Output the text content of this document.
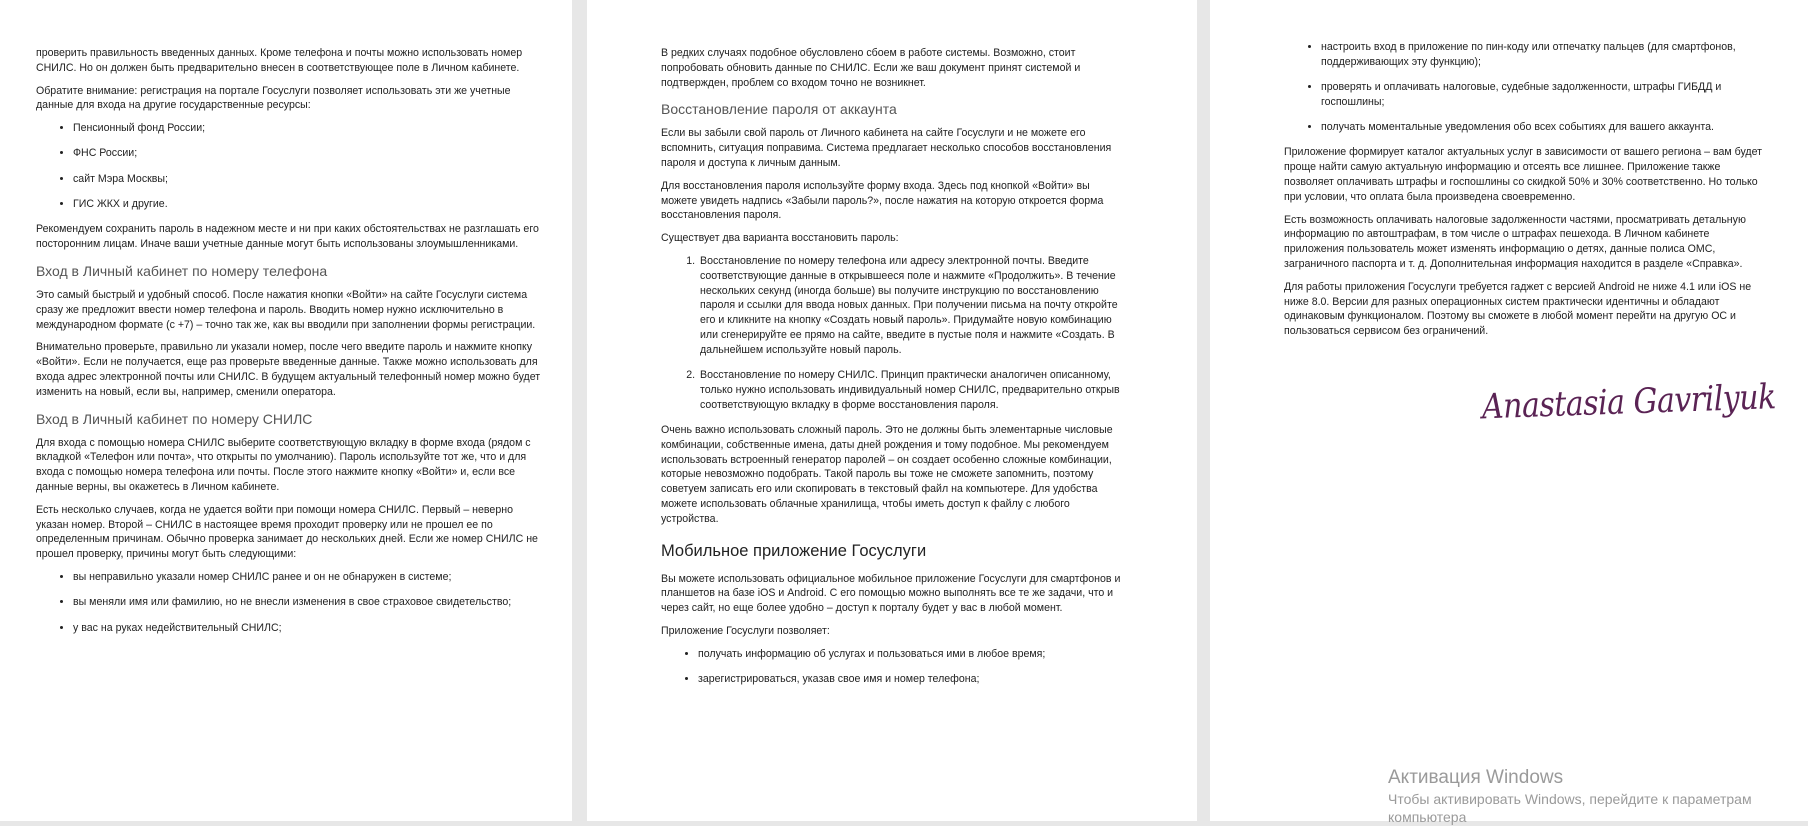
проверить правильность введенных данных. Кроме телефона и почты можно использовать номер СНИЛС. Но он должен быть предварительно внесен в соответствующее поле в Личном кабинете.

Обратите внимание: регистрация на портале Госуслуги позволяет использовать эти же учетные данные для входа на другие государственные ресурсы:

• Пенсионный фонд России;
• ФНС России;
• сайт Мэра Москвы;
• ГИС ЖКХ и другие.

Рекомендуем сохранить пароль в надежном месте и ни при каких обстоятельствах не разглашать его посторонним лицам. Иначе ваши учетные данные могут быть использованы злоумышленниками.

Вход в Личный кабинет по номеру телефона

Это самый быстрый и удобный способ. После нажатия кнопки «Войти» на сайте Госуслуги система сразу же предложит ввести номер телефона и пароль. Вводить номер нужно исключительно в международном формате (с +7) – точно так же, как вы вводили при заполнении формы регистрации.

Внимательно проверьте, правильно ли указали номер, после чего введите пароль и нажмите кнопку «Войти». Если не получается, еще раз проверьте введенные данные. Также можно использовать для входа адрес электронной почты или СНИЛС. В будущем актуальный телефонный номер можно будет изменить на новый, если вы, например, сменили оператора.

Вход в Личный кабинет по номеру СНИЛС

Для входа с помощью номера СНИЛС выберите соответствующую вкладку в форме входа (рядом с вкладкой «Телефон или почта», что открыты по умолчанию). Пароль используйте тот же, что и для входа с помощью номера телефона или почты. После этого нажмите кнопку «Войти» и, если все данные верны, вы окажетесь в Личном кабинете.

Есть несколько случаев, когда не удается войти при помощи номера СНИЛС. Первый – неверно указан номер. Второй – СНИЛС в настоящее время проходит проверку или не прошел ее по определенным причинам. Обычно проверка занимает до нескольких дней. Если же номер СНИЛС не прошел проверку, причины могут быть следующими:

• вы неправильно указали номер СНИЛС ранее и он не обнаружен в системе;
• вы меняли имя или фамилию, но не внесли изменения в свое страховое свидетельство;
• у вас на руках недействительный СНИЛС;

В редких случаях подобное обусловлено сбоем в работе системы. Возможно, стоит попробовать обновить данные по СНИЛС. Если же ваш документ принят системой и подтвержден, проблем со входом точно не возникнет.

Восстановление пароля от аккаунта

Если вы забыли свой пароль от Личного кабинета на сайте Госуслуги и не можете его вспомнить, ситуация поправима. Система предлагает несколько способов восстановления пароля и доступа к личным данным.

Для восстановления пароля используйте форму входа. Здесь под кнопкой «Войти» вы можете увидеть надпись «Забыли пароль?», после нажатия на которую откроется форма восстановления пароля.

Существует два варианта восстановить пароль:

1. Восстановление по номеру телефона или адресу электронной почты. Введите соответствующие данные в открывшееся поле и нажмите «Продолжить». В течение нескольких секунд (иногда больше) вы получите инструкцию по восстановлению пароля и ссылки для ввода новых данных. При получении письма на почту откройте его и кликните на кнопку «Создать новый пароль». Придумайте новую комбинацию или сгенерируйте ее прямо на сайте, введите в пустые поля и нажмите «Создать. В дальнейшем используйте новый пароль.
2. Восстановление по номеру СНИЛС. Принцип практически аналогичен описанному, только нужно использовать индивидуальный номер СНИЛС, предварительно открыв соответствующую вкладку в форме восстановления пароля.

Очень важно использовать сложный пароль. Это не должны быть элементарные числовые комбинации, собственные имена, даты дней рождения и тому подобное. Мы рекомендуем использовать встроенный генератор паролей – он создает особенно сложные комбинации, которые невозможно подобрать. Такой пароль вы тоже не сможете запомнить, поэтому советуем записать его или скопировать в текстовый файл на компьютере. Для удобства можете использовать облачные хранилища, чтобы иметь доступ к файлу с любого устройства.

Мобильное приложение Госуслуги

Вы можете использовать официальное мобильное приложение Госуслуги для смартфонов и планшетов на базе iOS и Android. С его помощью можно выполнять все те же задачи, что и через сайт, но еще более удобно – доступ к порталу будет у вас в любой момент.

Приложение Госуслуги позволяет:

• получать информацию об услугах и пользоваться ими в любое время;
• зарегистрироваться, указав свое имя и номер телефона;
• настроить вход в приложение по пин-коду или отпечатку пальцев (для смартфонов, поддерживающих эту функцию);
• проверять и оплачивать налоговые, судебные задолженности, штрафы ГИБДД и госпошлины;
• получать моментальные уведомления обо всех событиях для вашего аккаунта.

Приложение формирует каталог актуальных услуг в зависимости от вашего региона – вам будет проще найти самую актуальную информацию и отсеять все лишнее. Приложение также позволяет оплачивать штрафы и госпошлины со скидкой 50% и 30% соответственно. Но только при условии, что оплата была произведена своевременно.

Есть возможность оплачивать налоговые задолженности частями, просматривать детальную информацию по автоштрафам, в том числе о штрафах пешехода. В Личном кабинете приложения пользователь может изменять информацию о детях, данные полиса ОМС, заграничного паспорта и т. д. Дополнительная информация находится в разделе «Справка».

Для работы приложения Госуслуги требуется гаджет с версией Android не ниже 4.1 или iOS не ниже 8.0. Версии для разных операционных систем практически идентичны и обладают одинаковым функционалом. Поэтому вы сможете в любой момент перейти на другую ОС и пользоваться сервисом без ограничений.

Anastasia Gavrilyuk
Активация Windows
Чтобы активировать Windows, перейдите к параметрам
компьютера
